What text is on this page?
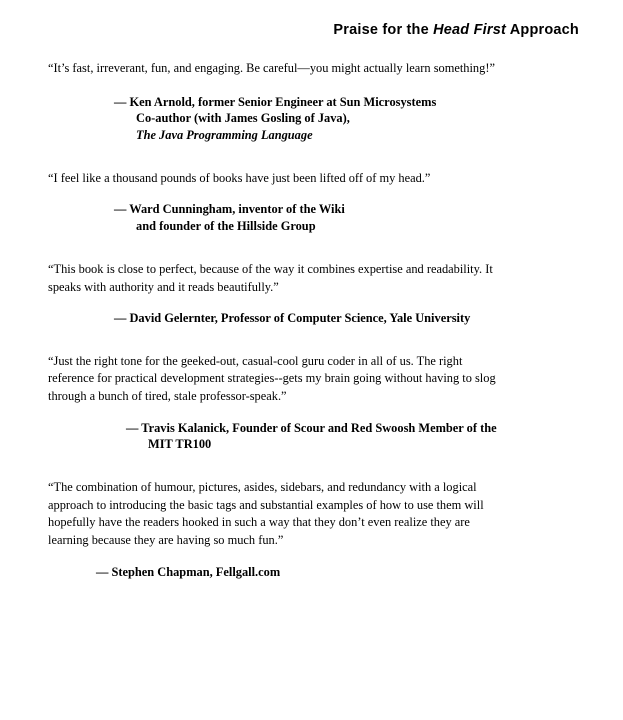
Praise for the Head First Approach

“It’s fast, irreverant, fun, and engaging. Be careful—you might actually learn something!”

— Ken Arnold, former Senior Engineer at Sun Microsystems
Co-author (with James Gosling of Java),
The Java Programming Language

“I feel like a thousand pounds of books have just been lifted off of my head.”

— Ward Cunningham, inventor of the Wiki
and founder of the Hillside Group

“This book is close to perfect, because of the way it combines expertise and readability. It speaks with authority and it reads beautifully.”

— David Gelernter, Professor of Computer Science, Yale University

“Just the right tone for the geeked-out, casual-cool guru coder in all of us. The right reference for practical development strategies--gets my brain going without having to slog through a bunch of tired, stale professor-speak.”

— Travis Kalanick, Founder of Scour and Red Swoosh Member of the
MIT TR100

“The combination of humour, pictures, asides, sidebars, and redundancy with a logical approach to introducing the basic tags and substantial examples of how to use them will hopefully have the readers hooked in such a way that they don’t even realize they are learning because they are having so much fun.”

— Stephen Chapman, Fellgall.com
